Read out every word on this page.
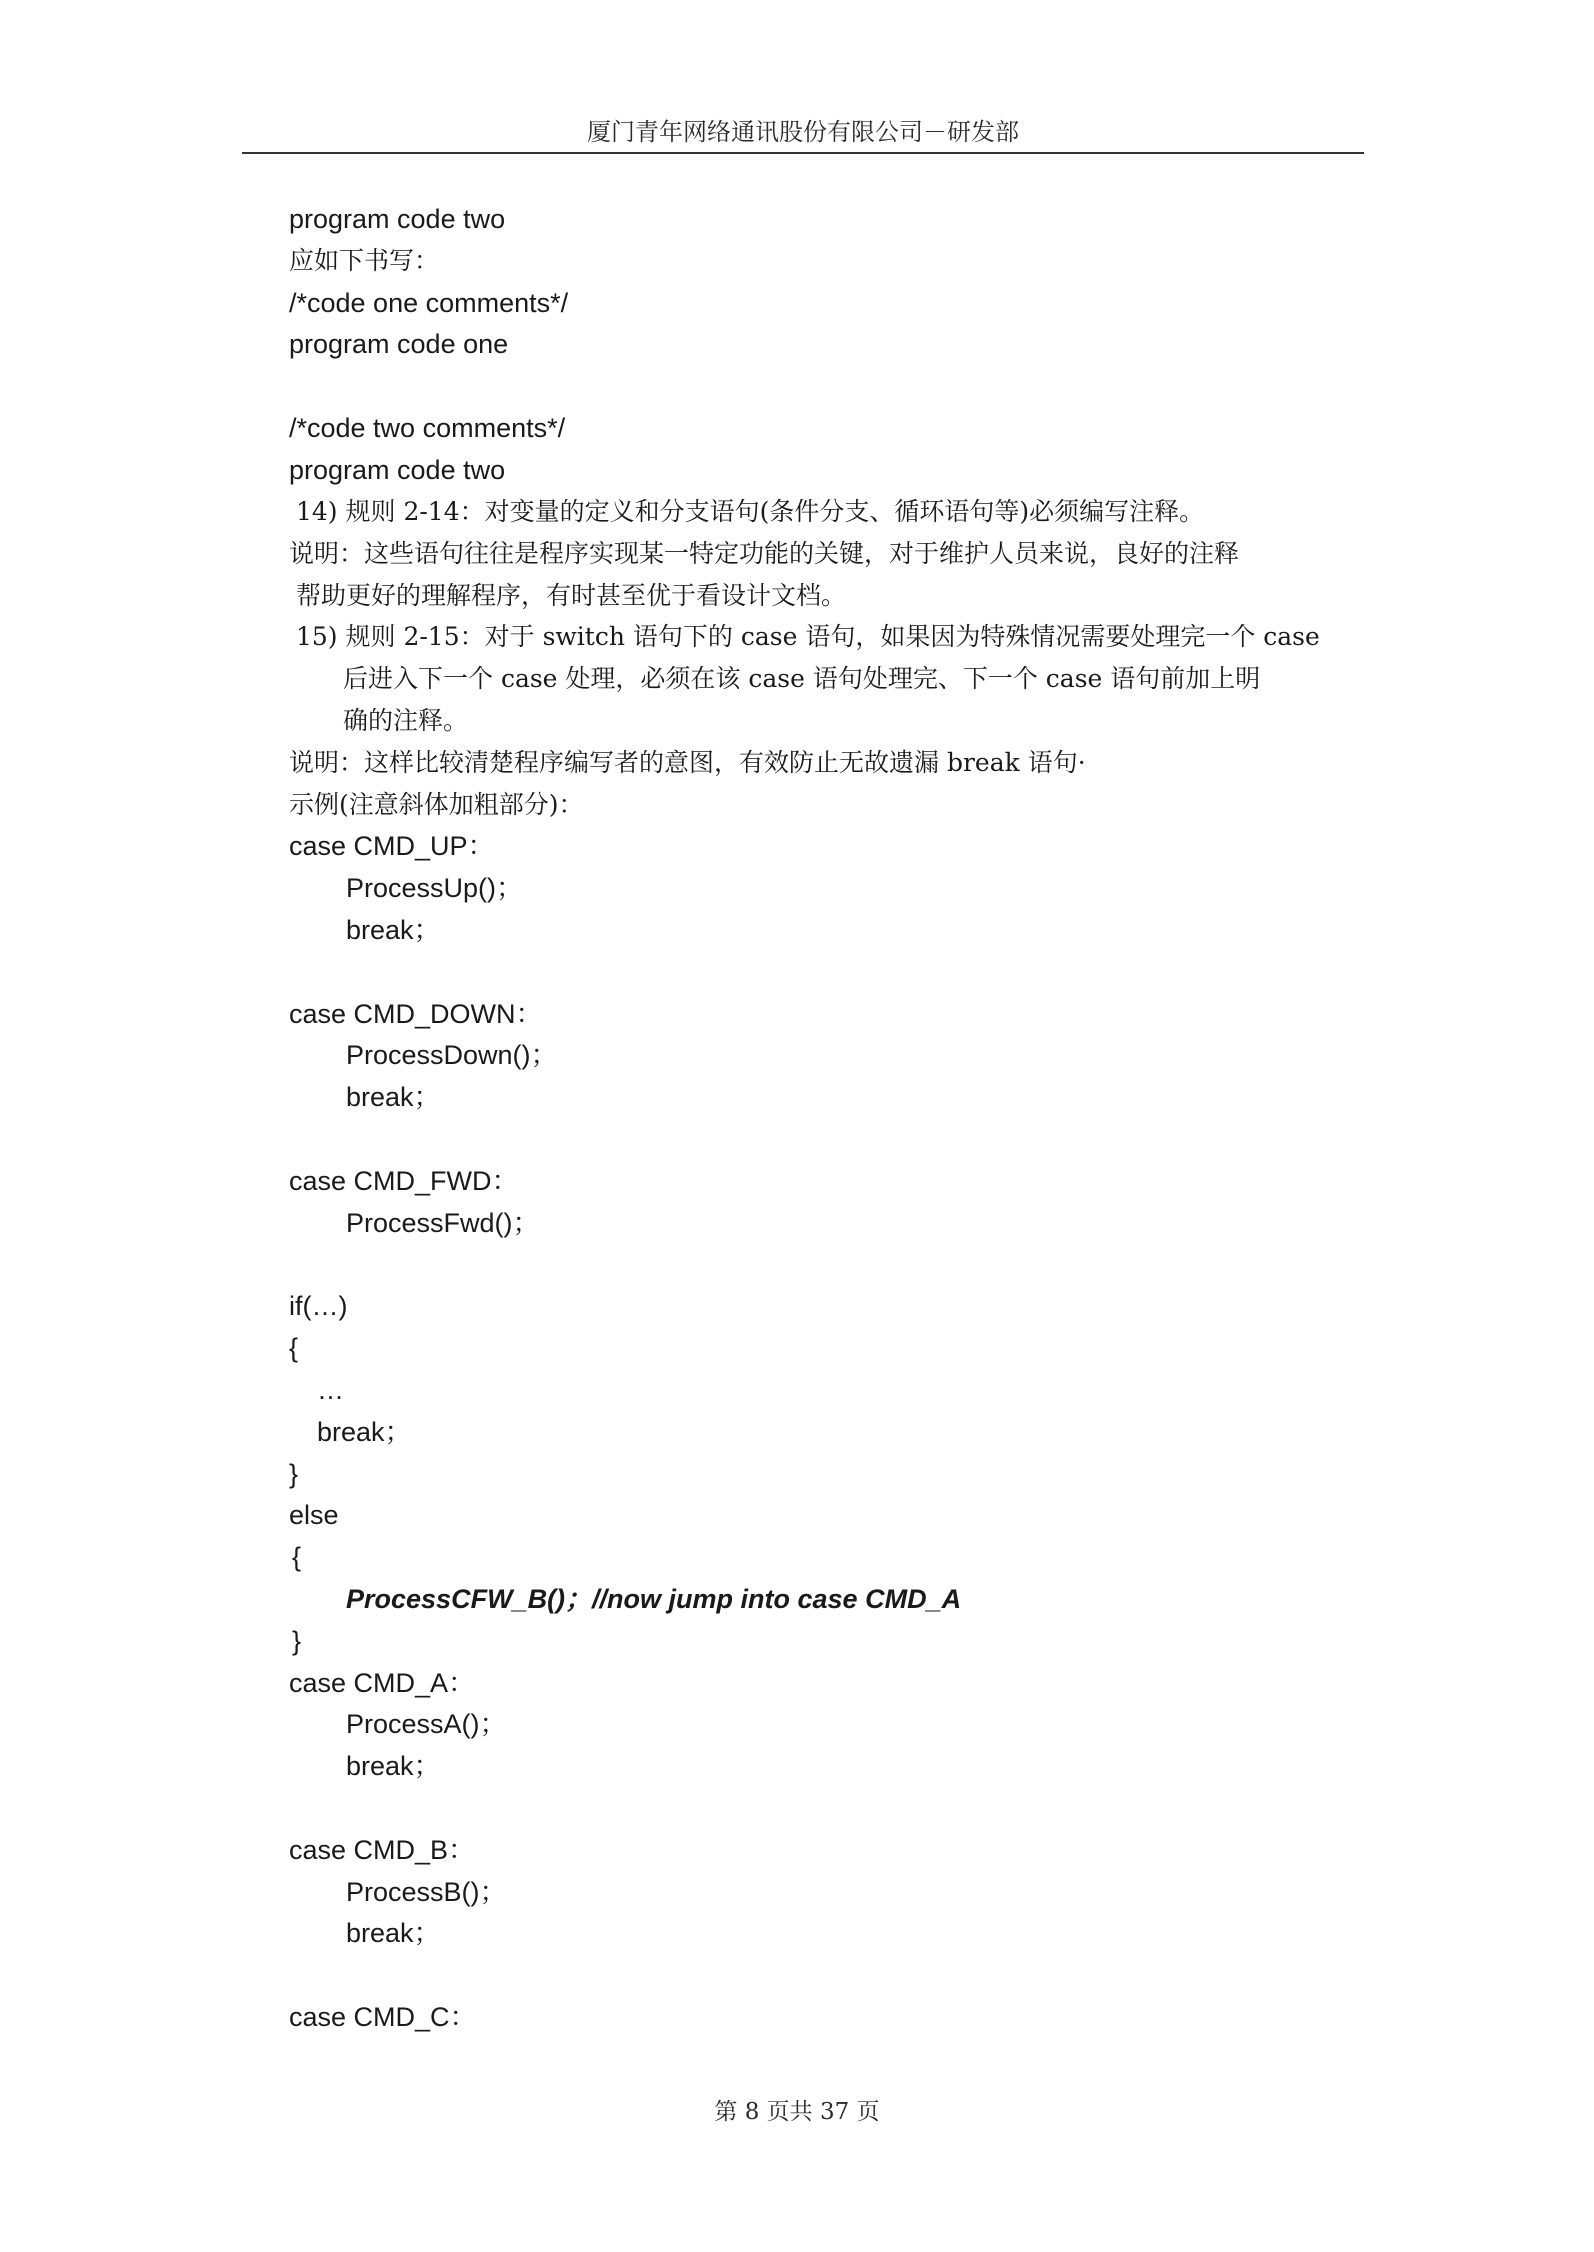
厦门青年网络通讯股份有限公司－研发部
program code two
应如下书写：
/*code one comments*/
program code one
/*code two comments*/
program code two
14) 规则 2-14：对变量的定义和分支语句(条件分支、循环语句等)必须编写注释。
说明：这些语句往往是程序实现某一特定功能的关键，对于维护人员来说，良好的注释
帮助更好的理解程序，有时甚至优于看设计文档。
15) 规则 2-15：对于 switch 语句下的 case 语句，如果因为特殊情况需要处理完一个 case
后进入下一个 case 处理，必须在该 case 语句处理完、下一个 case 语句前加上明
确的注释。
说明：这样比较清楚程序编写者的意图，有效防止无故遗漏 break 语句·
示例(注意斜体加粗部分)：
case CMD_UP：
ProcessUp()；
break；
case CMD_DOWN：
ProcessDown()；
break；
case CMD_FWD：
ProcessFwd()；
if(…)
{
…
break；
}
else
{
ProcessCFW_B()；//now jump into case CMD_A
}
case CMD_A：
ProcessA()；
break；
case CMD_B：
ProcessB()；
break；
case CMD_C：
第 8 页共 37 页
